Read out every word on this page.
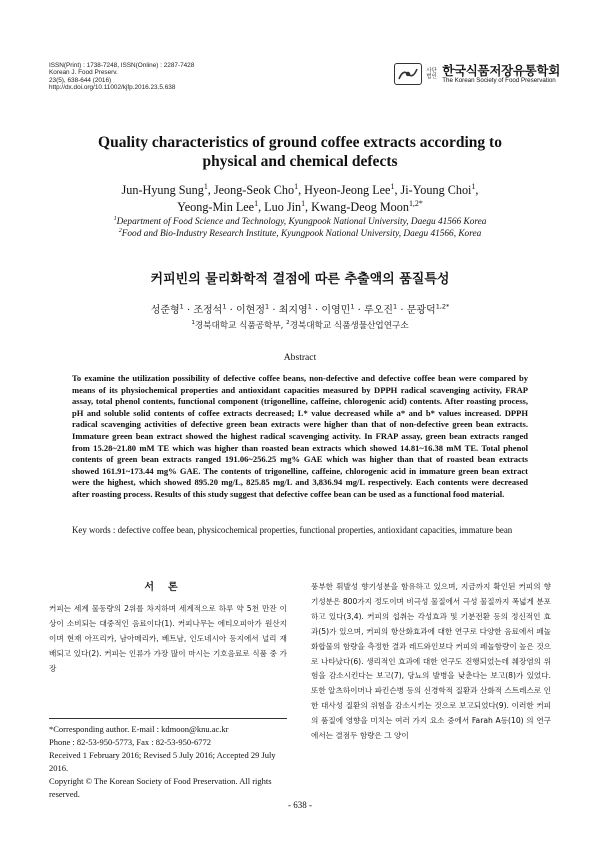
ISSN(Print) : 1738-7248, ISSN(Online) : 2287-7428
Korean J. Food Preserv.
23(5), 638-644 (2016)
http://dx.doi.org/10.11002/kjfp.2016.23.5.638
사단법인 한국식품저장유통학회
The Korean Society of Food Preservation
Quality characteristics of ground coffee extracts according to
physical and chemical defects
Jun-Hyung Sung$^1$, Jeong-Seok Cho$^1$, Hyeon-Jeong Lee$^1$, Ji-Young Choi$^1$,
Yeong-Min Lee$^1$, Luo Jin$^1$, Kwang-Deog Moon$^{1,2*}$
$^1$Department of Food Science and Technology, Kyungpook National University, Daegu 41566 Korea
$^2$Food and Bio-Industry Research Institute, Kyungpook National University, Daegu 41566, Korea
커피빈의 물리화학적 결점에 따른 추출액의 품질특성
성준형$^1$ · 조정석$^1$ · 이현정$^1$ · 최지영$^1$ · 이영민$^1$ · 루오진$^1$ · 문광덕$^{1,2*}$
$^1$경북대학교 식품공학부, $^2$경북대학교 식품생물산업연구소
Abstract
To examine the utilization possibility of defective coffee beans, non-defective and defective coffee bean were compared by means of its physiochemical properties and antioxidant capacities measured by DPPH radical scavenging activity, FRAP assay, total phenol contents, functional component (trigonelline, caffeine, chlorogenic acid) contents. After roasting process, pH and soluble solid contents of coffee extracts decreased; L* value decreased while a* and b* values increased. DPPH radical scavenging activities of defective green bean extracts were higher than that of non-defective green bean extracts. Immature green bean extract showed the highest radical scavenging activity. In FRAP assay, green bean extracts ranged from 15.28~21.80 mM TE which was higher than roasted bean extracts which showed 14.81~16.38 mM TE. Total phenol contents of green bean extracts ranged 191.06~256.25 mg% GAE which was higher than that of roasted bean extracts showed 161.91~173.44 mg% GAE. The contents of trigonelline, caffeine, chlorogenic acid in immature green bean extract were the highest, which showed 895.20 mg/L, 825.85 mg/L and 3,836.94 mg/L respectively. Each contents were decreased after roasting process. Results of this study suggest that defective coffee bean can be used as a functional food material.
Key words : defective coffee bean, physicochemical properties, functional properties, antioxidant capacities, immature bean
서론
커피는 세계 물동량의 2위를 차지하며 세계적으로 하루 약 5천 만잔 이상이 소비되는 대중적인 음료이다(1). 커피나무는 에티오피아가 원산지이며 현재 아프리카, 남아메리카, 베트남, 인도네시아 등지에서 널리 재배되고 있다(2). 커피는 인류가 가장 많이 마시는 기호음료로 식품 중 가장
풍부한 휘발성 향기성분을 함유하고 있으며, 지금까지 확인된 커피의 향기성분은 800가지 정도이며 비극성 물질에서 극성 물질까지 폭넓게 분포하고 있다(3,4). 커피의 섭취는 각성효과 및 기분전환 등의 정신적인 효과(5)가 있으며, 커피의 항산화효과에 대한 연구로 다양한 음료에서 페놀화합물의 함량을 측정한 결과 레드와인보다 커피의 페놀함량이 높은 것으로 나타났다(6). 생리적인 효과에 대한 연구도 진행되었는데 췌장염의 위험을 감소시킨다는 보고(7), 당뇨의 발병을 낮춘다는 보고(8)가 있었다. 또한 알츠하이머나 파킨슨병 등의 신경학적 질환과 산화적 스트레스로 인한 대사성 질환의 위험을 감소시키는 것으로 보고되었다(9). 이러한 커피의 품질에 영향을 미치는 여러 가지 요소 중에서 Farah A등(10) 의 연구에서는 결점두 함량은 그 양이

*Corresponding author. E-mail : kdmoon@knu.ac.kr

Phone : 82-53-950-5773, Fax : 82-53-950-6772

Received 1 February 2016; Revised 5 July 2016; Accepted 29 July 2016.

Copyright © The Korean Society of Food Preservation. All rights reserved.

- 638 -
